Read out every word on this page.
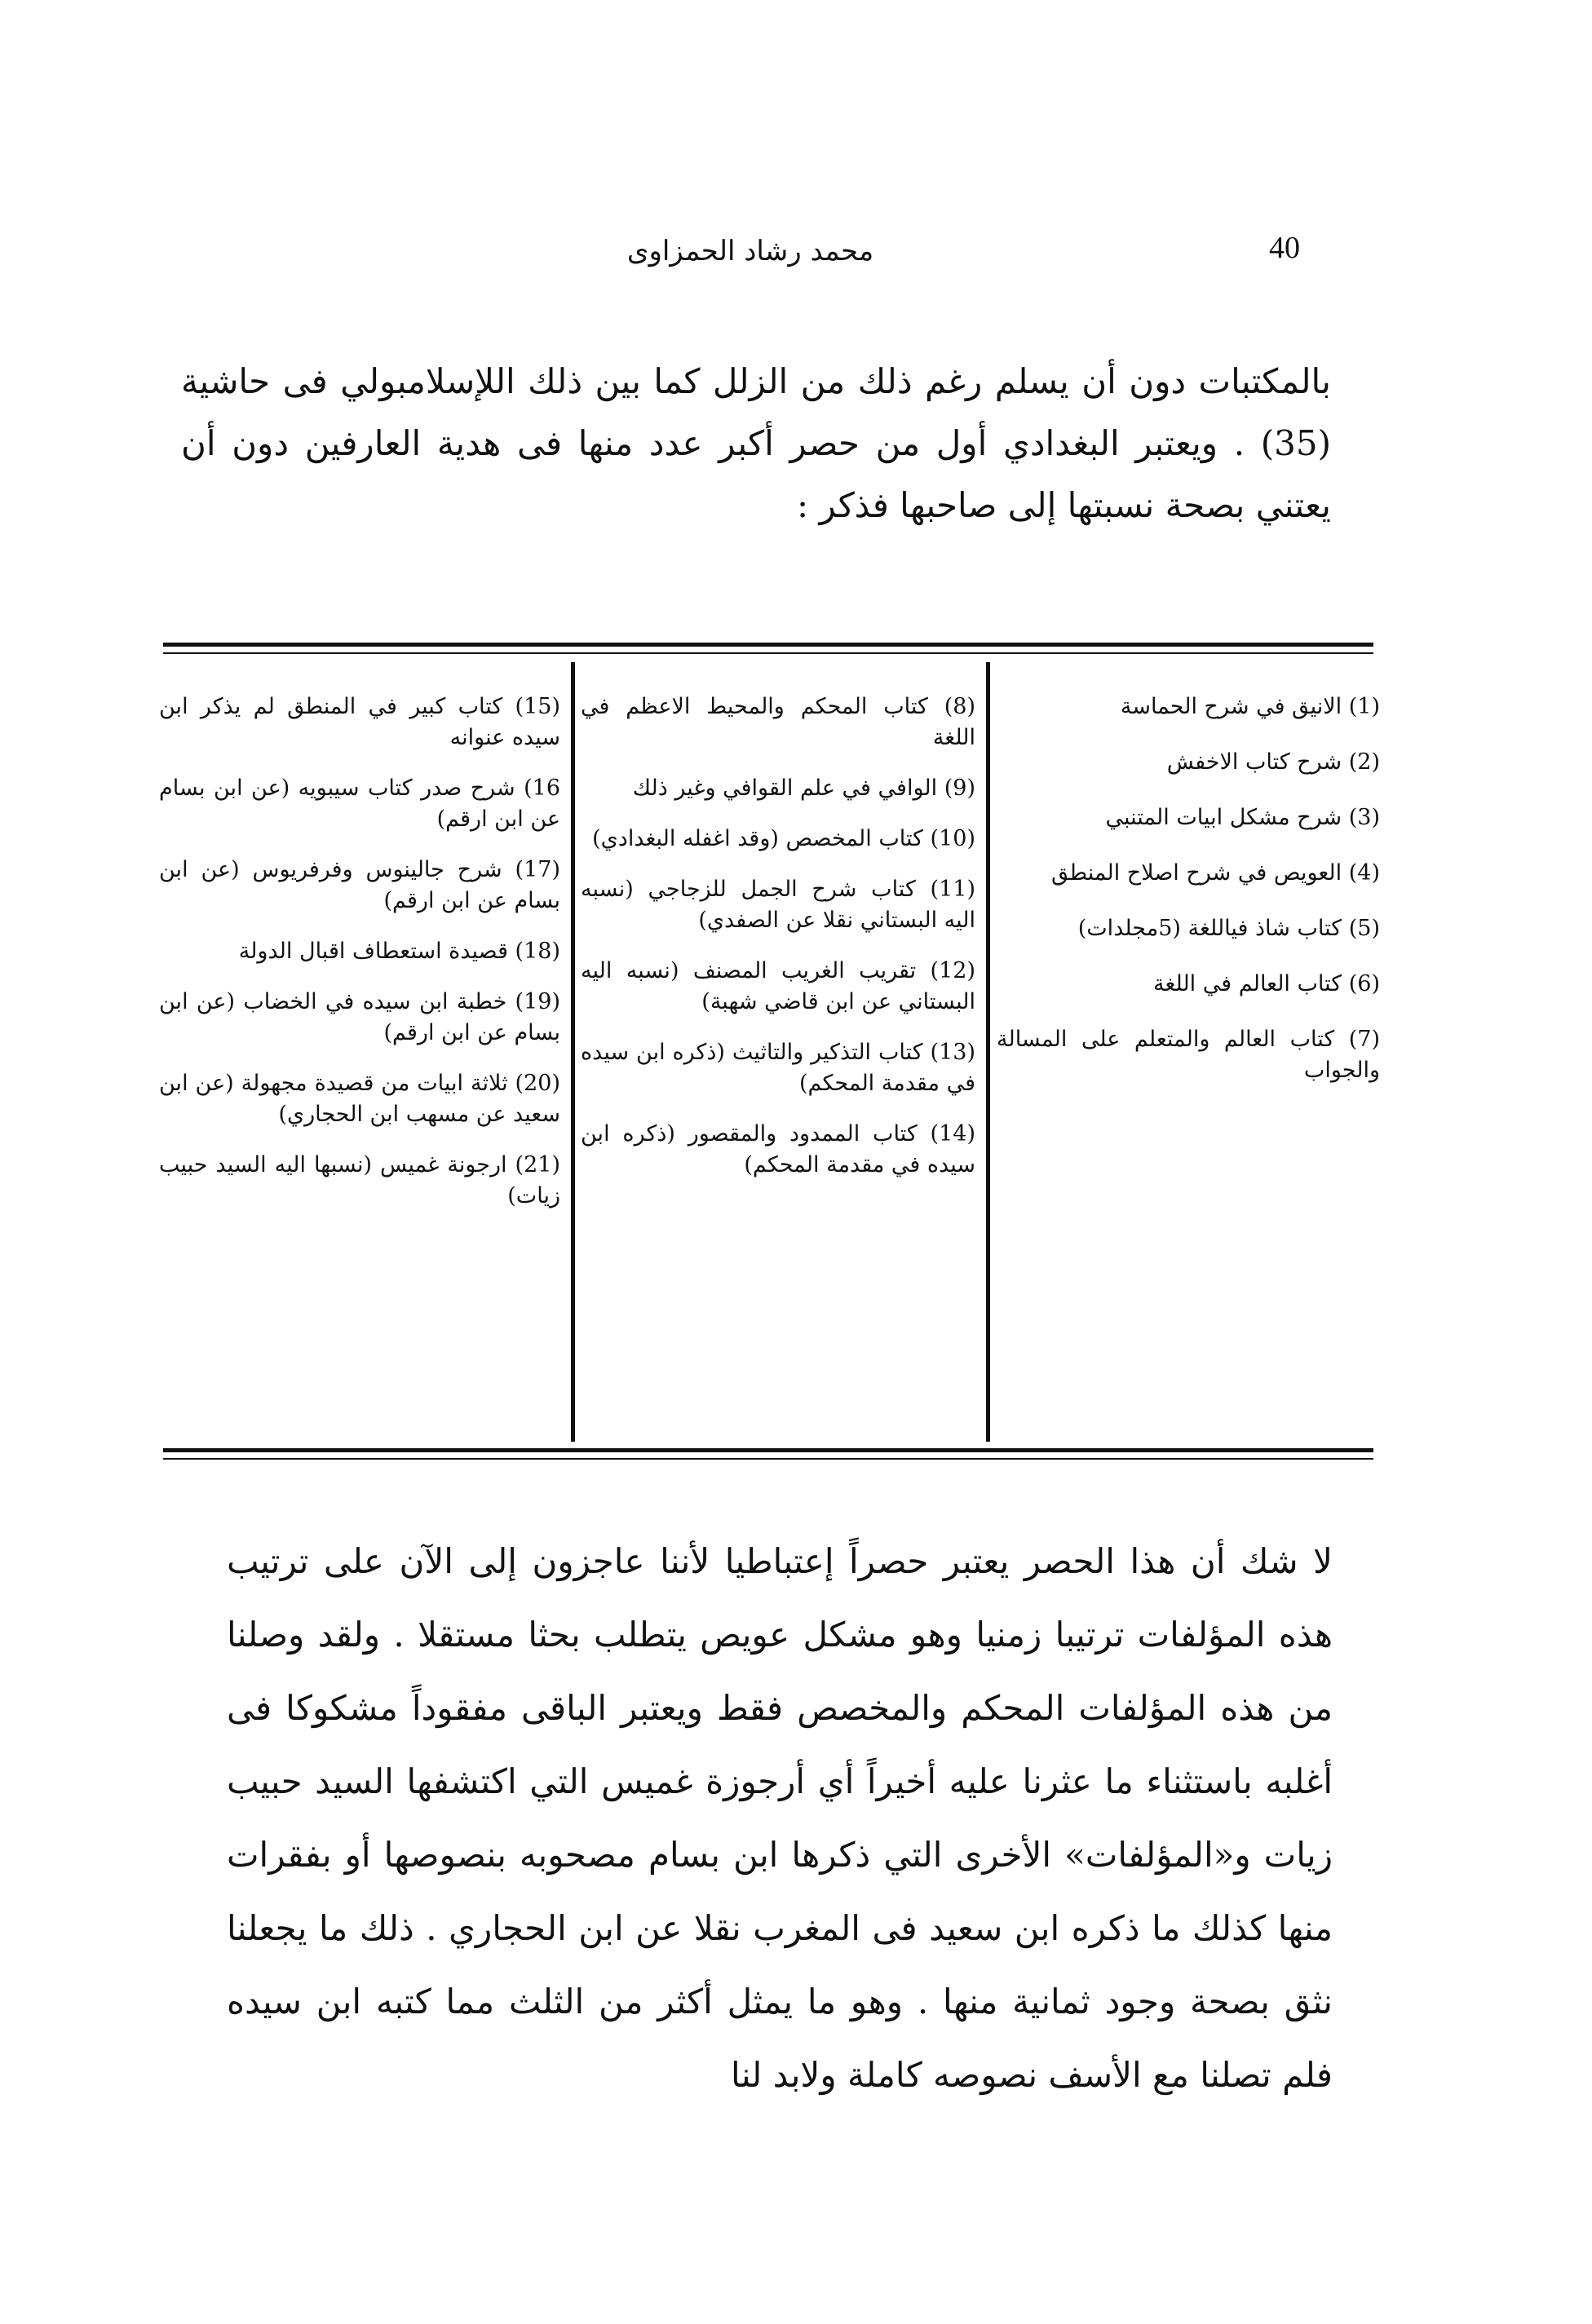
40
محمد رشاد الحمزاوى

بالمكتبات دون أن يسلم رغم ذلك من الزلل كما بين ذلك اللإسلامبولي فى حاشية (35) . ويعتبر البغدادي أول من حصر أكبر عدد منها فى هدية العارفين دون أن يعتني بصحة نسبتها إلى صاحبها فذكر :

(1) الانيق في شرح الحماسة

(2) شرح كتاب الاخفش

(3) شرح مشكل ابيات المتنبي

(4) العويص في شرح اصلاح المنطق

(5) كتاب شاذ فياللغة (5مجلدات)

(6) كتاب العالم في اللغة

(7) كتاب العالم والمتعلم على المسالة والجواب

(8) كتاب المحكم والمحيط الاعظم في اللغة

(9) الوافي في علم القوافي وغير ذلك

(10) كتاب المخصص (وقد اغفله البغدادي)

(11) كتاب شرح الجمل للزجاجي (نسبه اليه البستاني نقلا عن الصفدي)

(12) تقريب الغريب المصنف (نسبه اليه البستاني عن ابن قاضي شهبة)

(13) كتاب التذكير والتاثيث (ذكره ابن سيده في مقدمة المحكم)

(14) كتاب الممدود والمقصور (ذكره ابن سيده في مقدمة المحكم)

(15) كتاب كبير في المنطق لم يذكر ابن سيده عنوانه

16) شرح صدر كتاب سيبويه (عن ابن بسام عن ابن ارقم)

(17) شرح جالينوس وفرفريوس (عن ابن بسام عن ابن ارقم)

(18) قصيدة استعطاف اقبال الدولة

(19) خطبة ابن سيده في الخضاب (عن ابن بسام عن ابن ارقم)

(20) ثلاثة ابيات من قصيدة مجهولة (عن ابن سعيد عن مسهب ابن الحجاري)

(21) ارجونة غميس (نسبها اليه السيد حبيب زيات)

لا شك أن هذا الحصر يعتبر حصراً إعتباطيا لأننا عاجزون إلى الآن على ترتيب هذه المؤلفات ترتيبا زمنيا وهو مشكل عويص يتطلب بحثا مستقلا . ولقد وصلنا من هذه المؤلفات المحكم والمخصص فقط ويعتبر الباقى مفقوداً مشكوكا فى أغلبه باستثناء ما عثرنا عليه أخيراً أي أرجوزة غميس التي اكتشفها السيد حبيب زيات و«المؤلفات» الأخرى التي ذكرها ابن بسام مصحوبه بنصوصها أو بفقرات منها كذلك ما ذكره ابن سعيد فى المغرب نقلا عن ابن الحجاري . ذلك ما يجعلنا نثق بصحة وجود ثمانية منها . وهو ما يمثل أكثر من الثلث مما كتبه ابن سيده فلم تصلنا مع الأسف نصوصه كاملة ولابد لنا
